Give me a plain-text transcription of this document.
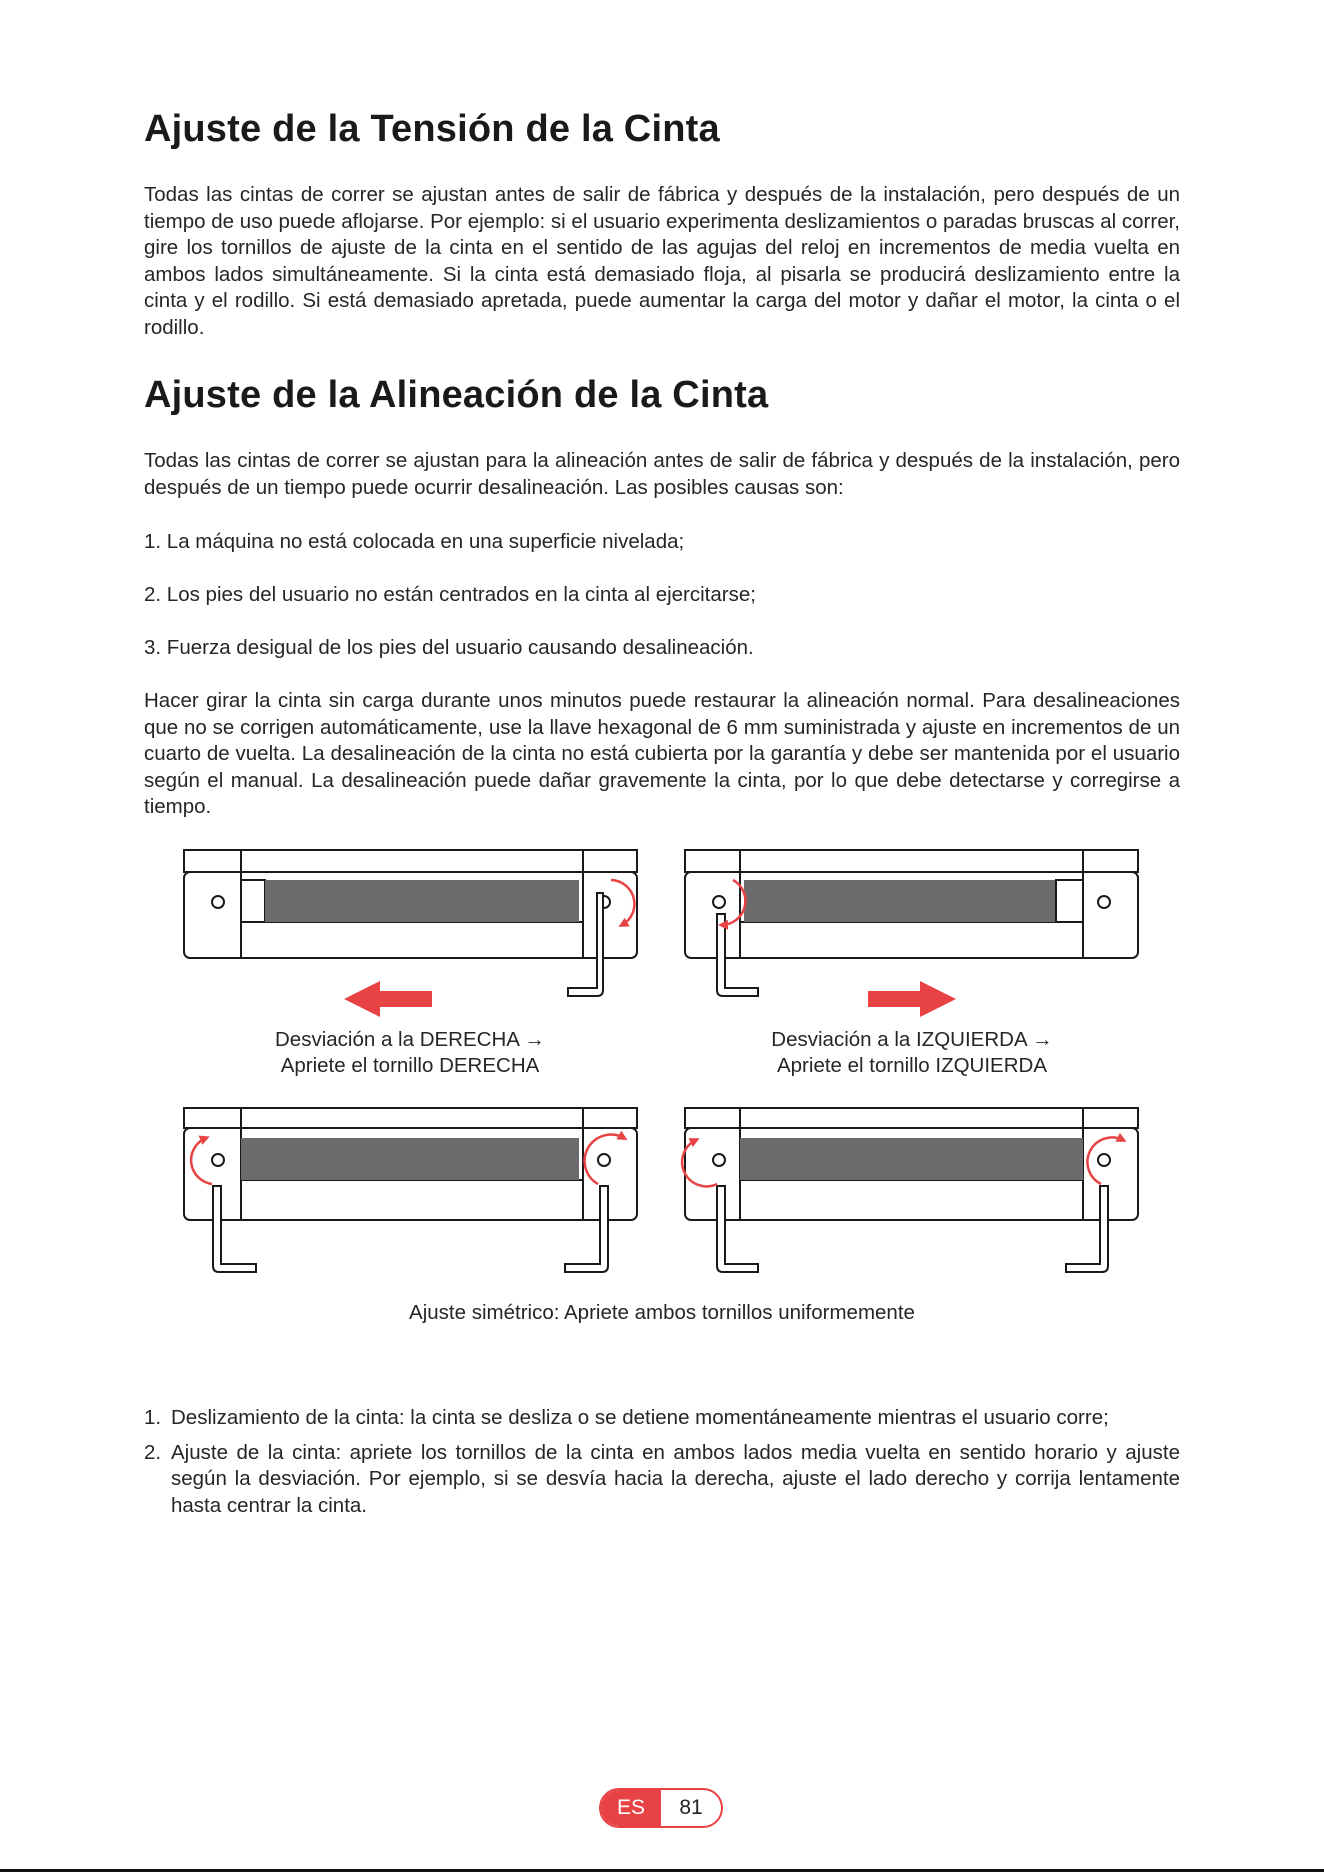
Ajuste de la Tensión de la Cinta

Todas las cintas de correr se ajustan antes de salir de fábrica y después de la instalación, pero después de un tiempo de uso puede aflojarse. Por ejemplo: si el usuario experimenta deslizamientos o paradas bruscas al correr, gire los tornillos de ajuste de la cinta en el sentido de las agujas del reloj en incrementos de media vuelta en ambos lados simultáneamente. Si la cinta está demasiado floja, al pisarla se producirá deslizamiento entre la cinta y el rodillo. Si está demasiado apretada, puede aumentar la carga del motor y dañar el motor, la cinta o el rodillo.

Ajuste de la Alineación de la Cinta

Todas las cintas de correr se ajustan para la alineación antes de salir de fábrica y después de la instalación, pero después de un tiempo puede ocurrir desalineación. Las posibles causas son:

1. La máquina no está colocada en una superficie nivelada;

2. Los pies del usuario no están centrados en la cinta al ejercitarse;

3. Fuerza desigual de los pies del usuario causando desalineación.

Hacer girar la cinta sin carga durante unos minutos puede restaurar la alineación normal. Para desalineaciones que no se corrigen automáticamente, use la llave hexagonal de 6 mm suministrada y ajuste en incrementos de un cuarto de vuelta. La desalineación de la cinta no está cubierta por la garantía y debe ser mantenida por el usuario según el manual. La desalineación puede dañar gravemente la cinta, por lo que debe detectarse y corregirse a tiempo.

Desviación a la DERECHA →
Apriete el tornillo DERECHA
Desviación a la IZQUIERDA →
Apriete el tornillo IZQUIERDA
Ajuste simétrico: Apriete ambos tornillos uniformemente
1. Deslizamiento de la cinta: la cinta se desliza o se detiene momentáneamente mientras el usuario corre;
2. Ajuste de la cinta: apriete los tornillos de la cinta en ambos lados media vuelta en sentido horario y ajuste según la desviación. Por ejemplo, si se desvía hacia la derecha, ajuste el lado derecho y corrija lentamente hasta centrar la cinta.
ES	81
